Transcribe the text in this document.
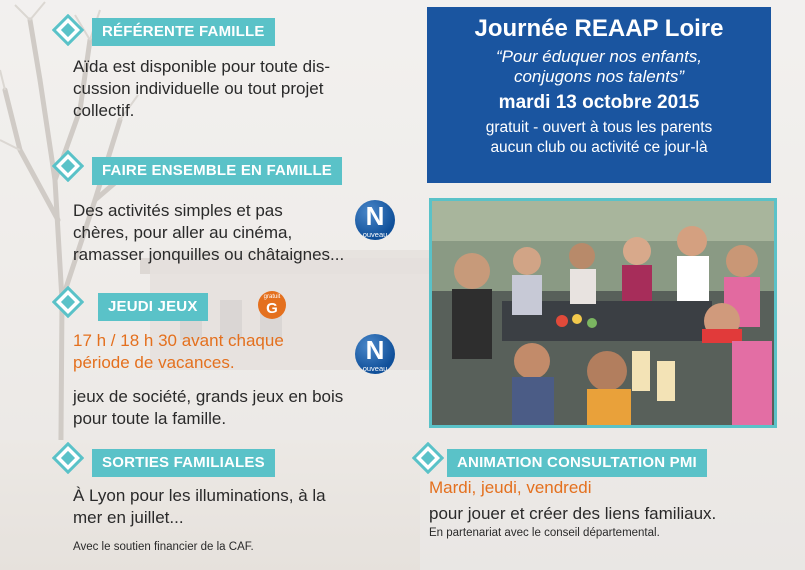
RÉFÉRENTE FAMILLE
Aïda est disponible pour toute dis-
cussion individuelle ou tout projet
collectif.
FAIRE ENSEMBLE EN FAMILLE
Des activités simples et pas
chères, pour aller au cinéma,
ramasser jonquilles ou châtaignes...
N
ouveau
JEUDI JEUX
gratuit
G
17 h / 18 h 30 avant chaque
période de vacances.
jeux de société, grands jeux en bois
pour toute la famille.
N
ouveau
SORTIES FAMILIALES
À Lyon pour les illuminations, à la
mer en juillet...
Avec le soutien financier de la CAF.
Journée REAAP Loire
“Pour éduquer nos enfants,
conjugons nos talents”
mardi 13 octobre 2015
gratuit - ouvert à tous les parents
aucun club ou activité ce jour-là
ANIMATION CONSULTATION PMI
Mardi, jeudi, vendredi
pour jouer et créer des liens familiaux.
En partenariat avec le conseil départemental.
